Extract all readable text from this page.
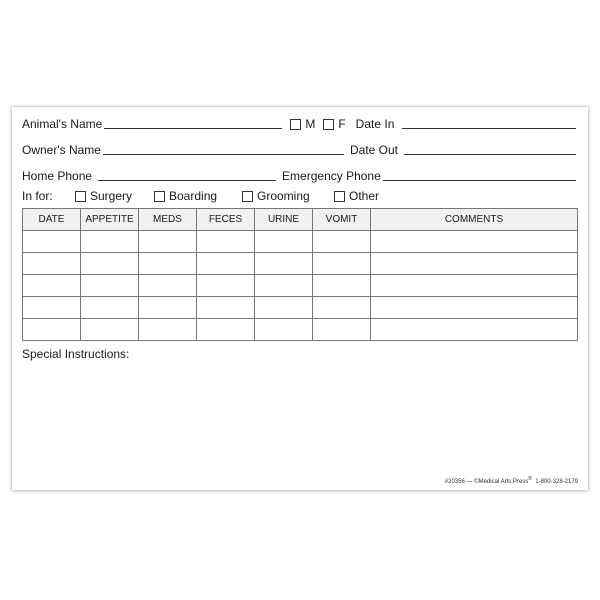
Animal's Name	M F Date In
Owner's Name	Date Out
Home Phone	Emergency Phone
In for:	Surgery	Boarding	Grooming	Other
DATE	APPETITE	MEDS	FECES	URINE	VOMIT	COMMENTS

Special Instructions:
#20356 — ©Medical Arts Press® 1-800-328-2179
